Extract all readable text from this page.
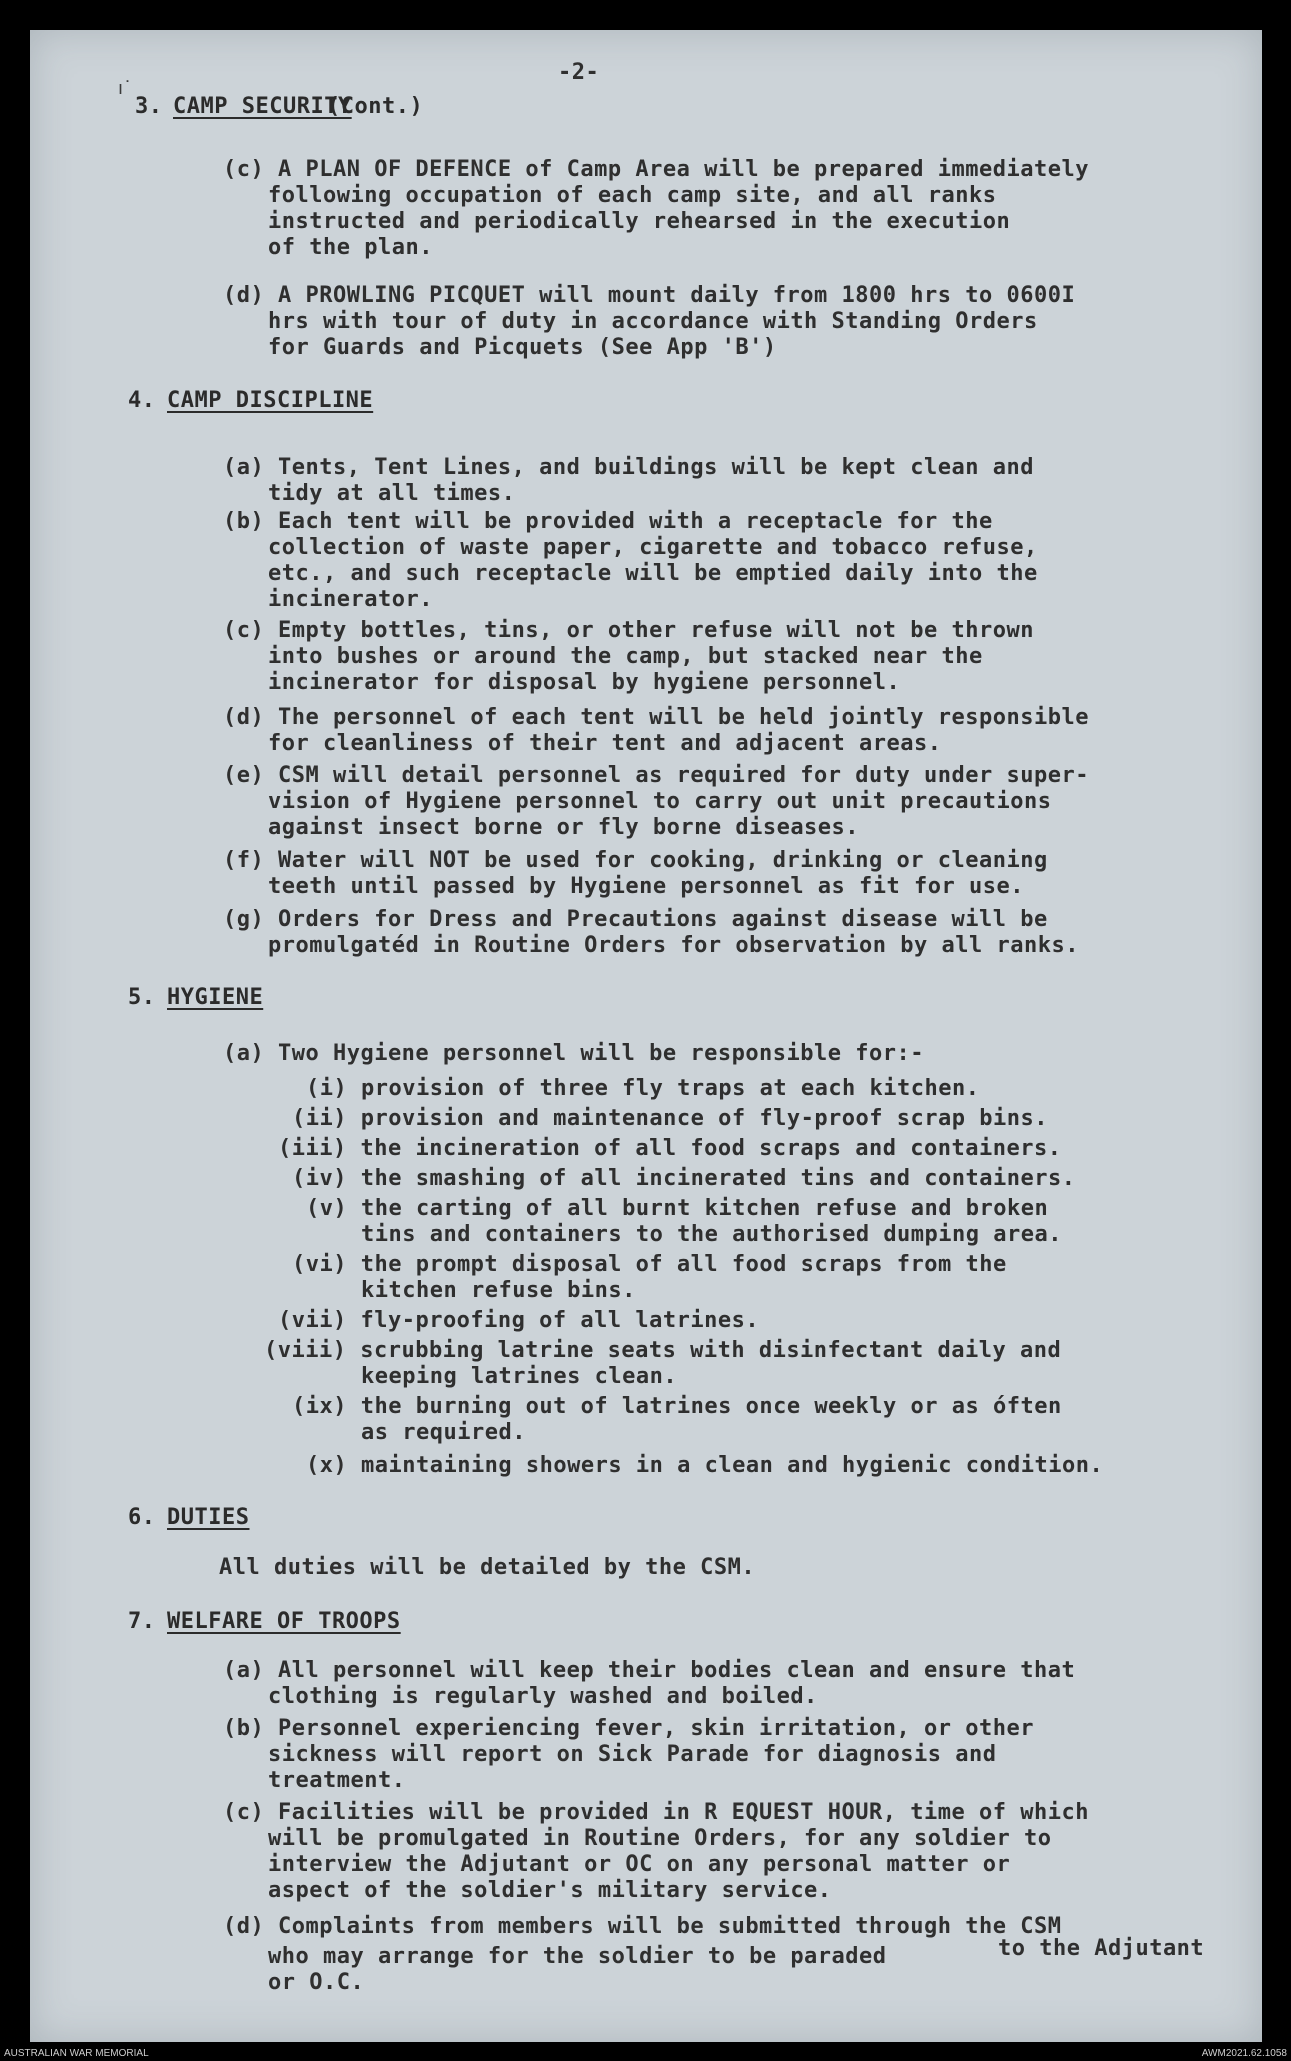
-2-
ı˙
3. CAMP SECURITY
(Cont.)
(c) A PLAN OF DEFENCE of Camp Area will be prepared immediately
following occupation of each camp site, and all ranks
instructed and periodically rehearsed in the execution
of the plan.
(d) A PROWLING PICQUET will mount daily from 1800 hrs to 0600I
hrs with tour of duty in accordance with Standing Orders
for Guards and Picquets (See App 'B')
4. CAMP DISCIPLINE
(a) Tents, Tent Lines, and buildings will be kept clean and
tidy at all times.
(b) Each tent will be provided with a receptacle for the
collection of waste paper, cigarette and tobacco refuse,
etc., and such receptacle will be emptied daily into the
incinerator.
(c) Empty bottles, tins, or other refuse will not be thrown
into bushes or around the camp, but stacked near the
incinerator for disposal by hygiene personnel.
(d) The personnel of each tent will be held jointly responsible
for cleanliness of their tent and adjacent areas.
(e) CSM will detail personnel as required for duty under super-
vision of Hygiene personnel to carry out unit precautions
against insect borne or fly borne diseases.
(f) Water will NOT be used for cooking, drinking or cleaning
teeth until passed by Hygiene personnel as fit for use.
(g) Orders for Dress and Precautions against disease will be
promulgatéd in Routine Orders for observation by all ranks.
5. HYGIENE
(a) Two Hygiene personnel will be responsible for:-
(i) provision of three fly traps at each kitchen.
(ii) provision and maintenance of fly-proof scrap bins.
(iii) the incineration of all food scraps and containers.
(iv) the smashing of all incinerated tins and containers.
(v) the carting of all burnt kitchen refuse and broken
tins and containers to the authorised dumping area.
(vi) the prompt disposal of all food scraps from the
kitchen refuse bins.
(vii) fly-proofing of all latrines.
(viii) scrubbing latrine seats with disinfectant daily and
keeping latrines clean.
(ix) the burning out of latrines once weekly or as óften
as required.
(x) maintaining showers in a clean and hygienic condition.
6. DUTIES
All duties will be detailed by the CSM.
7. WELFARE OF TROOPS
(a) All personnel will keep their bodies clean and ensure that
clothing is regularly washed and boiled.
(b) Personnel experiencing fever, skin irritation, or other
sickness will report on Sick Parade for diagnosis and
treatment.
(c) Facilities will be provided in R EQUEST HOUR, time of which
will be promulgated in Routine Orders, for any soldier to
interview the Adjutant or OC on any personal matter or
aspect of the soldier's military service.
(d) Complaints from members will be submitted through the CSM
who may arrange for the soldier to be paraded	to the Adjutant
or O.C.
AUSTRALIAN WAR MEMORIAL	AWM2021.62.1058
